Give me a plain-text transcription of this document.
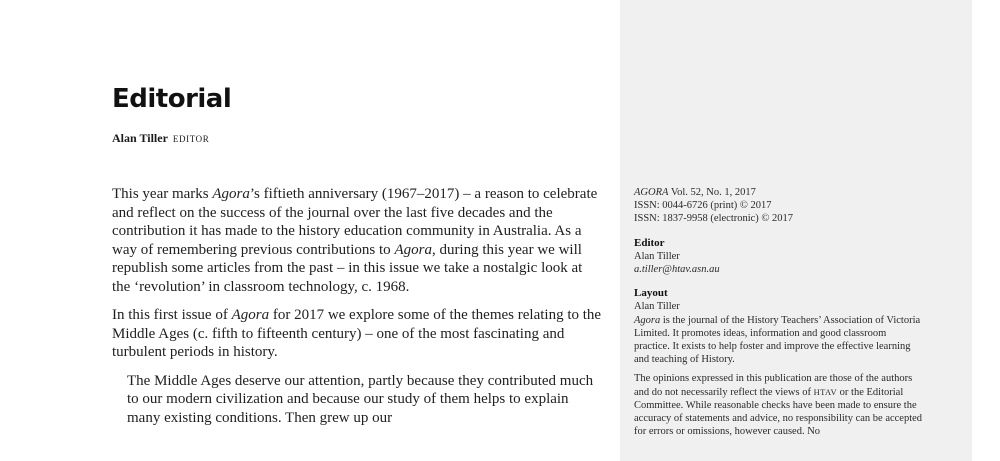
Editorial
Alan Tiller EDITOR

This year marks Agora’s fiftieth anniversary (1967–2017) – a reason to celebrate and reflect on the success of the journal over the last five decades and the contribution it has made to the history education community in Australia. As a way of remembering previous contributions to Agora, during this year we will republish some articles from the past – in this issue we take a nostalgic look at the ‘revolution’ in classroom technology, c. 1968.

In this first issue of Agora for 2017 we explore some of the themes relating to the Middle Ages (c. fifth to fifteenth century) – one of the most fascinating and turbulent periods in history.

The Middle Ages deserve our attention, partly because they contributed much to our modern civilization and because our study of them helps to explain many existing conditions. Then grew up our

AGORA Vol. 52, No. 1, 2017
ISSN: 0044-6726 (print) © 2017
ISSN: 1837-9958 (electronic) © 2017
Editor
Alan Tiller
a.tiller@htav.asn.au
Layout
Alan Tiller

Agora is the journal of the History Teachers’ Association of Victoria Limited. It promotes ideas, information and good classroom practice. It exists to help foster and improve the effective learning and teaching of History.

The opinions expressed in this publication are those of the authors and do not necessarily reflect the views of HTAV or the Editorial Committee. While reasonable checks have been made to ensure the accuracy of statements and advice, no responsibility can be accepted for errors or omissions, however caused. No
